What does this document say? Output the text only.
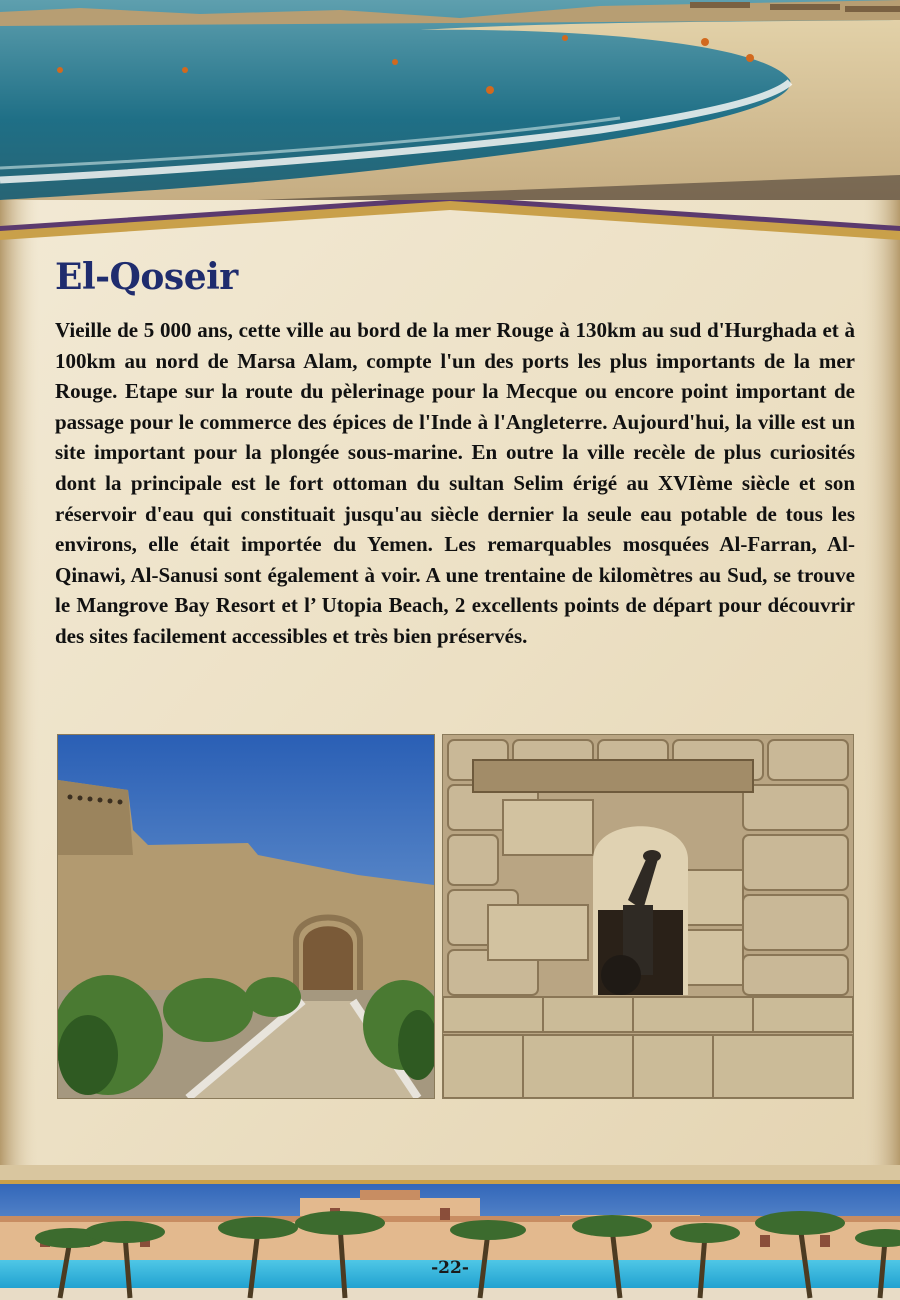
El-Qoseir

Vieille de 5 000 ans, cette ville au bord de la mer Rouge à 130km au sud d'Hurghada et à 100km au nord de Marsa Alam, compte l'un des ports les plus importants de la mer Rouge. Etape sur la route du pèlerinage pour la Mecque ou encore point important de passage pour le commerce des épices de l'Inde à l'Angleterre. Aujourd'hui, la ville est un site important pour la plongée sous-marine. En outre la ville recèle de plus curiosités dont la principale est le fort ottoman du sultan Selim érigé au XVIème siècle et son réservoir d'eau qui constituait jusqu'au siècle dernier la seule eau potable de tous les environs, elle était importée du Yemen. Les remarquables mosquées Al-Farran, Al-Qinawi, Al-Sanusi sont également à voir. A une trentaine de kilomètres au Sud, se trouve le Mangrove Bay Resort et l’ Utopia Beach, 2 excellents points de départ pour découvrir des sites facilement accessibles et très bien préservés.

-22-
